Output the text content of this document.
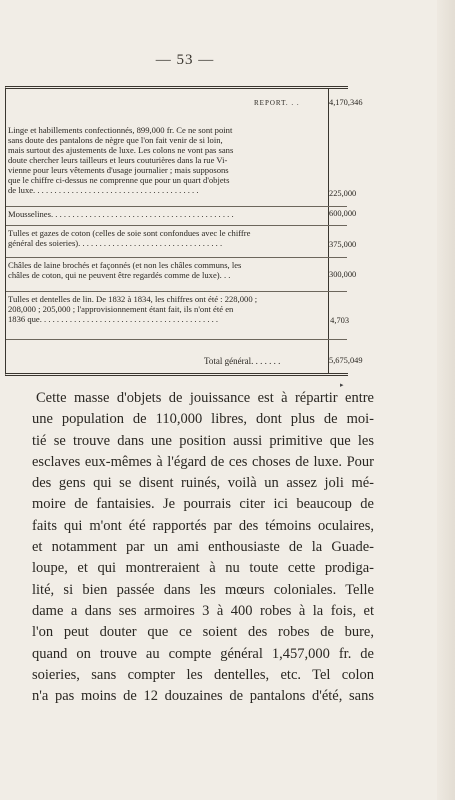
— 53 —
REPORT. . .	4,170,346
Linge et habillements confectionnés, 899,000 fr. Ce ne sont point
sans doute des pantalons de nègre que l'on fait venir de si loin,
mais surtout des ajustements de luxe. Les colons ne vont pas sans
doute chercher leurs tailleurs et leurs couturières dans la rue Vi-
vienne pour leurs vêtements d'usage journalier ; mais supposons
que le chiffre ci-dessus ne comprenne que pour un quart d'objets
de luxe. . . . . . . . . . . . . . . . . . . . . . . . . . . . . . . . . . . . . . .	225,000
Mousselines. . . . . . . . . . . . . . . . . . . . . . . . . . . . . . . . . . . . . . . . . . .	600,000
Tulles et gazes de coton (celles de soie sont confondues avec le chiffre
général des soieries). . . . . . . . . . . . . . . . . . . . . . . . . . . . . . . . . .	375,000
Châles de laine brochés et façonnés (et non les châles communs, les
châles de coton, qui ne peuvent être regardés comme de luxe). . .	300,000
Tulles et dentelles de lin. De 1832 à 1834, les chiffres ont été : 228,000 ;
208,000 ; 205,000 ; l'approvisionnement étant fait, ils n'ont été en
1836 que. . . . . . . . . . . . . . . . . . . . . . . . . . . . . . . . . . . . . . . . . .	4,703
Total général. . . . . . .	5,675,049
▸
Cette masse d'objets de jouissance est à répartir entre
une population de 110,000 libres, dont plus de moi-
tié se trouve dans une position aussi primitive que les
esclaves eux-mêmes à l'égard de ces choses de luxe. Pour
des gens qui se disent ruinés, voilà un assez joli mé-
moire de fantaisies. Je pourrais citer ici beaucoup de
faits qui m'ont été rapportés par des témoins oculaires,
et notamment par un ami enthousiaste de la Guade-
loupe, et qui montreraient à nu toute cette prodiga-
lité, si bien passée dans les mœurs coloniales. Telle
dame a dans ses armoires 3 à 400 robes à la fois, et
l'on peut douter que ce soient des robes de bure,
quand on trouve au compte général 1,457,000 fr. de
soieries, sans compter les dentelles, etc. Tel colon
n'a pas moins de 12 douzaines de pantalons d'été, sans
